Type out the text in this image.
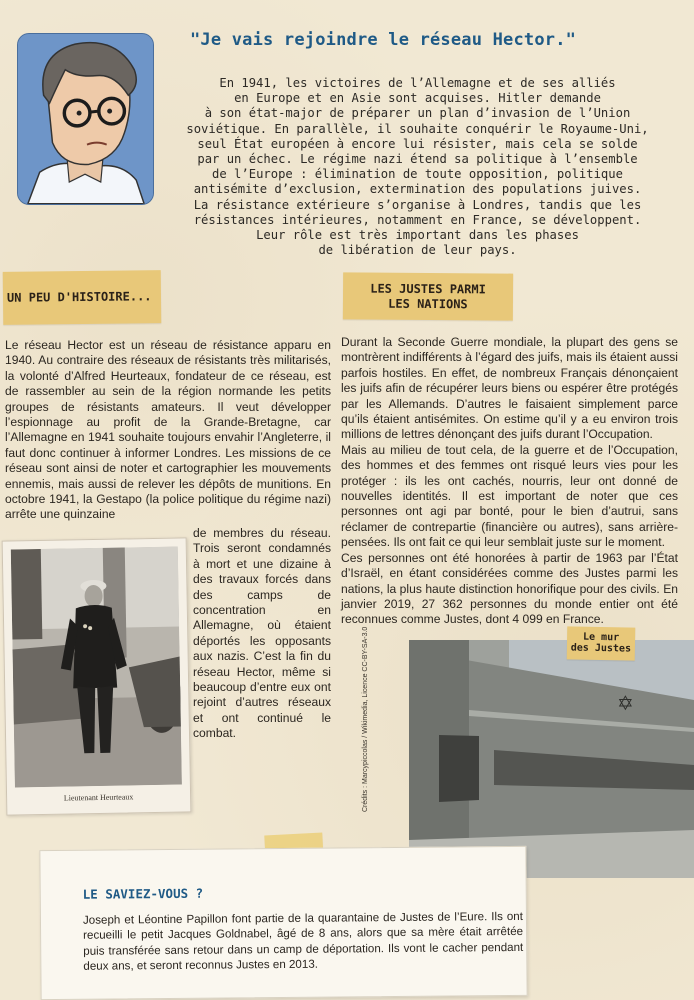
"Je vais rejoindre le réseau Hector."
En 1941, les victoires de l’Allemagne et de ses alliés
en Europe et en Asie sont acquises. Hitler demande
à son état-major de préparer un plan d’invasion de l’Union
soviétique. En parallèle, il souhaite conquérir le Royaume-Uni,
seul État européen à encore lui résister, mais cela se solde
par un échec. Le régime nazi étend sa politique à l’ensemble
de l’Europe : élimination de toute opposition, politique
antisémite d’exclusion, extermination des populations juives.
La résistance extérieure s’organise à Londres, tandis que les
résistances intérieures, notamment en France, se développent.
Leur rôle est très important dans les phases
de libération de leur pays.
UN PEU D'HISTOIRE...
Le réseau Hector est un réseau de résistance apparu en 1940. Au contraire des réseaux de résistants très militarisés, la volonté d’Alfred Heurteaux, fondateur de ce réseau, est de rassembler au sein de la région normande les petits groupes de résistants amateurs. Il veut développer l’espionnage au profit de la Grande-Bretagne, car l’Allemagne en 1941 souhaite toujours envahir l’Angleterre, il faut donc continuer à informer Londres. Les missions de ce réseau sont ainsi de noter et cartographier les mouvements ennemis, mais aussi de relever les dépôts de munitions. En octobre 1941, la Gestapo (la police politique du régime nazi) arrête une quinzaine
de membres du réseau. Trois seront condamnés à mort et une dizaine à des travaux forcés dans des camps de concentration en Allemagne, où étaient déportés les opposants aux nazis. C’est la fin du réseau Hector, même si beaucoup d’entre eux ont rejoint d’autres réseaux et ont continué le combat.
Lieutenant Heurteaux
LES JUSTES PARMI
LES NATIONS

Durant la Seconde Guerre mondiale, la plupart des gens se montrèrent indifférents à l’égard des juifs, mais ils étaient aussi parfois hostiles. En effet, de nombreux Français dénonçaient les juifs afin de récupérer leurs biens ou espérer être protégés par les Allemands. D’autres le faisaient simplement parce qu’ils étaient antisémites. On estime qu’il y a eu environ trois millions de lettres dénonçant des juifs durant l’Occupation.

Mais au milieu de tout cela, de la guerre et de l’Occupation, des hommes et des femmes ont risqué leurs vies pour les protéger : ils les ont cachés, nourris, leur ont donné de nouvelles identités. Il est important de noter que ces personnes ont agi par bonté, pour le bien d’autrui, sans réclamer de contrepartie (financière ou autres), sans arrière-pensées. Ils ont fait ce qui leur semblait juste sur le moment.

Ces personnes ont été honorées à partir de 1963 par l’État d’Israël, en étant considérées comme des Justes parmi les nations, la plus haute distinction honorifique pour des civils. En janvier 2019, 27 362 personnes du monde entier ont été reconnues comme Justes, dont 4 099 en France.

✡
Le mur
des Justes
Crédits : Marcypiccolas / Wikimedia, Licence CC-BY-SA-3.0
LE SAVIEZ-VOUS ?
Joseph et Léontine Papillon font partie de la quarantaine de Justes de l’Eure. Ils ont recueilli le petit Jacques Goldnabel, âgé de 8 ans, alors que sa mère était arrêtée puis transférée sans retour dans un camp de déportation. Ils vont le cacher pendant deux ans, et seront reconnus Justes en 2013.
